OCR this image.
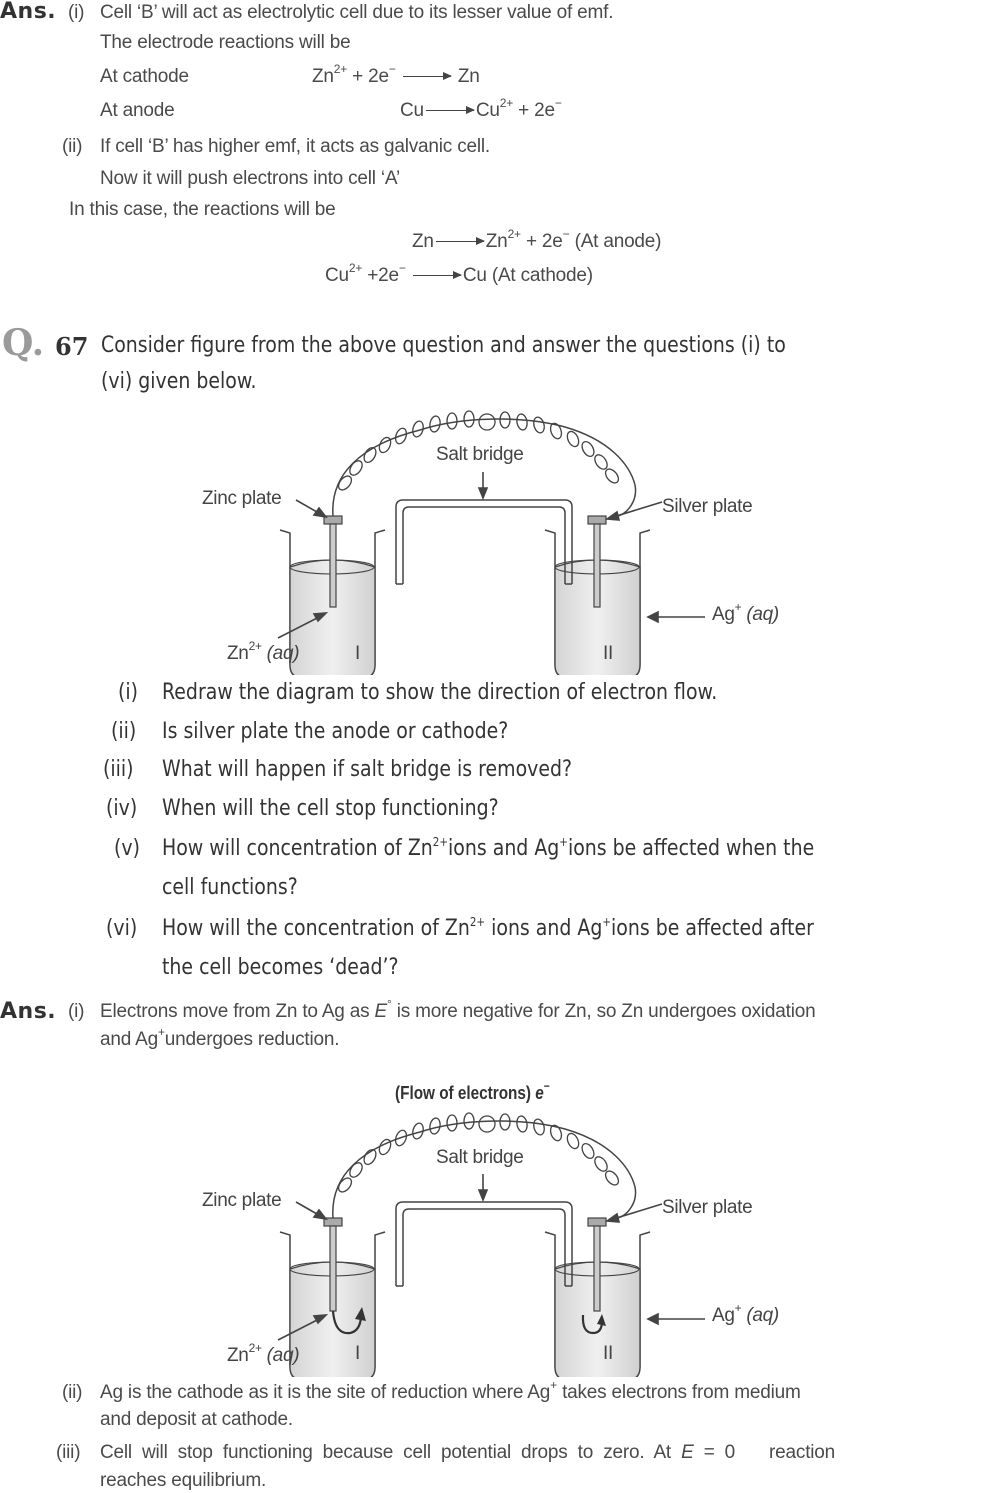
Ans. (i) Cell ‘B’ will act as electrolytic cell due to its lesser value of emf.
The electrode reactions will be
At cathode	$Zn^{2+} + 2e^- \to Zn$
At anode	$Cu \to Cu^{2+} + 2e^-$
(ii) If cell ‘B’ has higher emf, it acts as galvanic cell.
Now it will push electrons into cell ‘A’
In this case, the reactions will be
$Zn \to Zn^{2+} + 2e^-$ (At anode)
$Cu^{2+} +2e^- \to Cu$ (At cathode)
Q. 67 Consider figure from the above question and answer the questions (i) to
(vi) given below.
Salt bridge
Zinc plate	Silver plate
$Zn^{2+}$ (aq)
Ag+ (aq)
I	II
(i) Redraw the diagram to show the direction of electron flow.
(ii) Is silver plate the anode or cathode?
(iii) What will happen if salt bridge is removed?
(iv) When will the cell stop functioning?
(v) How will concentration of $Zn^{2+}ions$ and Ag+ions be affected when the
cell functions?
(vi) How will the concentration of $Zn^{2+}$ ions and Ag+ions be affected after
the cell becomes ‘dead’?
Ans. (i) Electrons move from Zn to Ag as E° is more negative for Zn, so Zn undergoes oxidation
and Ag+undergoes reduction.
(Flow of electrons) e−
Salt bridge
Zinc plate	Silver plate
$Zn^{2+}$ (aq)
Ag+ (aq)
I	II
(ii) Ag is the cathode as it is the site of reduction where Ag+ takes electrons from medium
and deposit at cathode.
(iii) Cell will stop functioning because cell potential drops to zero. At E = 0 reaction
reaches equilibrium.
